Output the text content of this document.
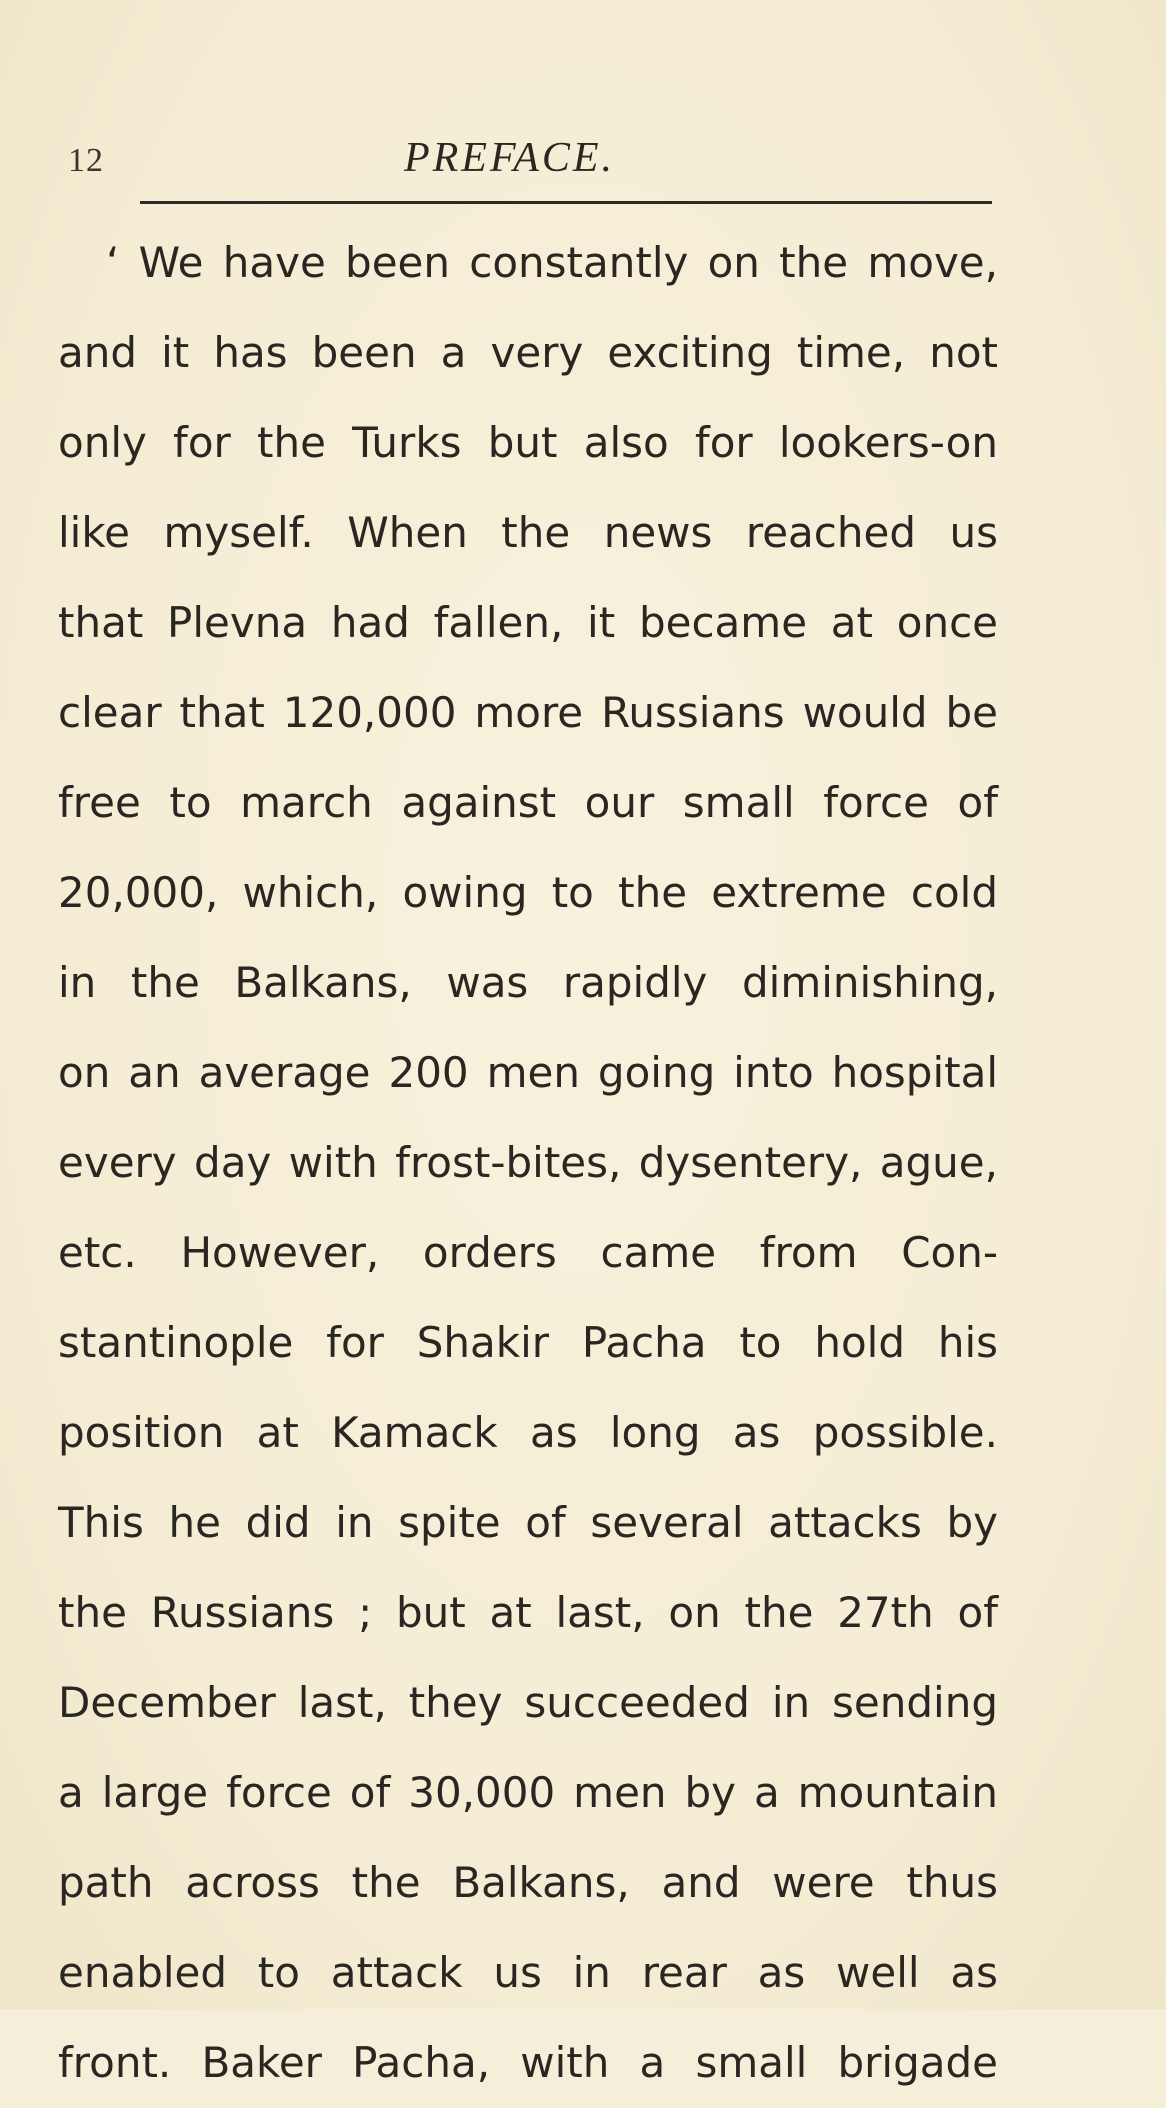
12	PREFACE.
‘ We have been constantly on the move,
and it has been a very exciting time, not
only for the Turks but also for lookers-on
like myself. When the news reached us
that Plevna had fallen, it became at once
clear that 120,000 more Russians would be
free to march against our small force of
20,000, which, owing to the extreme cold
in the Balkans, was rapidly diminishing,
on an average 200 men going into hospital
every day with frost-bites, dysentery, ague,
etc. However, orders came from Con-
stantinople for Shakir Pacha to hold his
position at Kamack as long as possible.
This he did in spite of several attacks by
the Russians ; but at last, on the 27th of
December last, they succeeded in sending
a large force of 30,000 men by a mountain
path across the Balkans, and were thus
enabled to attack us in rear as well as
front. Baker Pacha, with a small brigade
